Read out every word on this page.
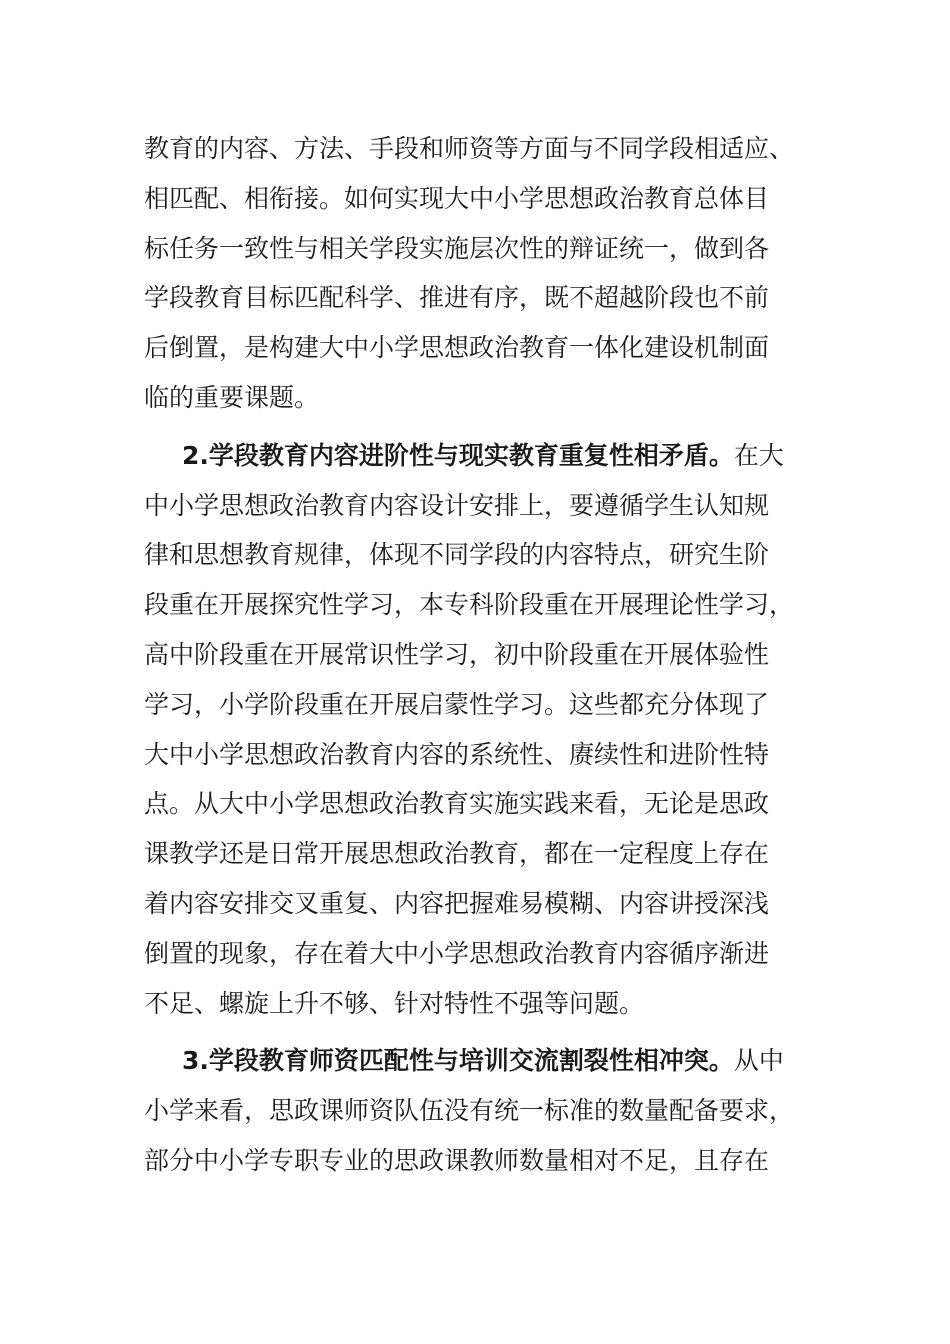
教育的内容、方法、手段和师资等方面与不同学段相适应、
相匹配、相衔接。如何实现大中小学思想政治教育总体目
标任务一致性与相关学段实施层次性的辩证统一，做到各
学段教育目标匹配科学、推进有序，既不超越阶段也不前
后倒置，是构建大中小学思想政治教育一体化建设机制面
临的重要课题。
2.学段教育内容进阶性与现实教育重复性相矛盾。在大
中小学思想政治教育内容设计安排上，要遵循学生认知规
律和思想教育规律，体现不同学段的内容特点，研究生阶
段重在开展探究性学习，本专科阶段重在开展理论性学习，
高中阶段重在开展常识性学习，初中阶段重在开展体验性
学习，小学阶段重在开展启蒙性学习。这些都充分体现了
大中小学思想政治教育内容的系统性、赓续性和进阶性特
点。从大中小学思想政治教育实施实践来看，无论是思政
课教学还是日常开展思想政治教育，都在一定程度上存在
着内容安排交叉重复、内容把握难易模糊、内容讲授深浅
倒置的现象，存在着大中小学思想政治教育内容循序渐进
不足、螺旋上升不够、针对特性不强等问题。
3.学段教育师资匹配性与培训交流割裂性相冲突。从中
小学来看，思政课师资队伍没有统一标准的数量配备要求，
部分中小学专职专业的思政课教师数量相对不足，且存在
